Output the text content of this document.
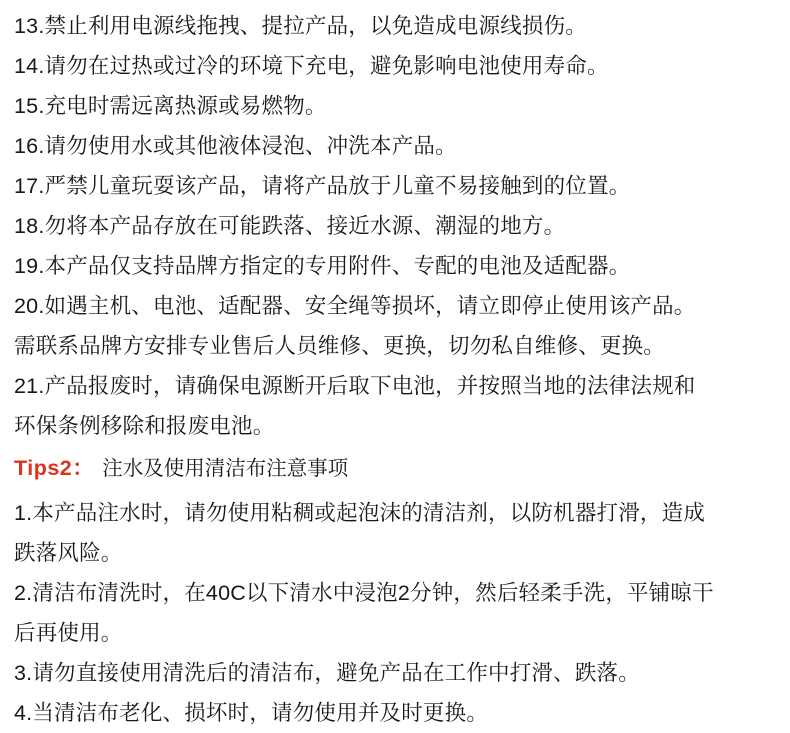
13.禁止利用电源线拖拽、提拉产品，以免造成电源线损伤。
14.请勿在过热或过冷的环境下充电，避免影响电池使用寿命。
15.充电时需远离热源或易燃物。
16.请勿使用水或其他液体浸泡、冲洗本产品。
17.严禁儿童玩耍该产品，请将产品放于儿童不易接触到的位置。
18.勿将本产品存放在可能跌落、接近水源、潮湿的地方。
19.本产品仅支持品牌方指定的专用附件、专配的电池及适配器。
20.如遇主机、电池、适配器、安全绳等损坏，请立即停止使用该产品。
需联系品牌方安排专业售后人员维修、更换，切勿私自维修、更换。
21.产品报废时，请确保电源断开后取下电池，并按照当地的法律法规和
环保条例移除和报废电池。
Tips2： 注水及使用清洁布注意事项
1.本产品注水时，请勿使用粘稠或起泡沫的清洁剂，以防机器打滑，造成
跌落风险。
2.清洁布清洗时，在40C以下清水中浸泡2分钟，然后轻柔手洗，平铺晾干
后再使用。
3.请勿直接使用清洗后的清洁布，避免产品在工作中打滑、跌落。
4.当清洁布老化、损坏时，请勿使用并及时更换。
